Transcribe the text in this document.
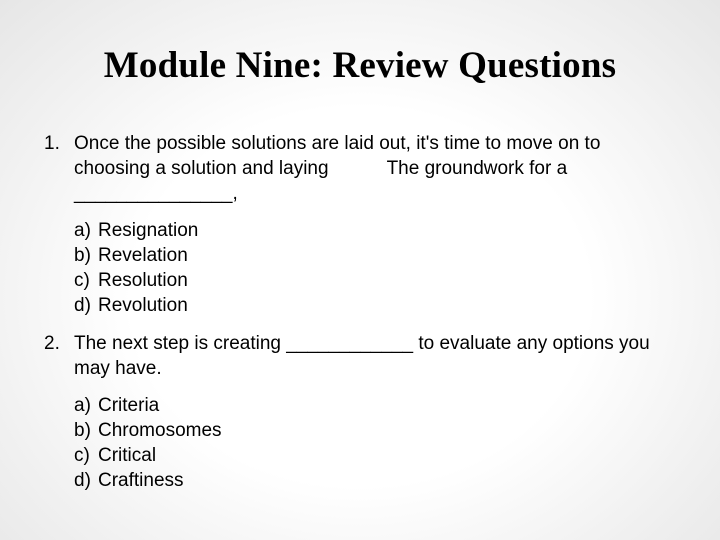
Module Nine: Review Questions
1. Once the possible solutions are laid out, it's time to move on to
choosing a solution and laying	The groundwork for a
_______________,
a) Resignation
b) Revelation
c) Resolution
d) Revolution
2. The next step is creating ____________ to evaluate any options you
may have.
a) Criteria
b) Chromosomes
c) Critical
d) Craftiness
